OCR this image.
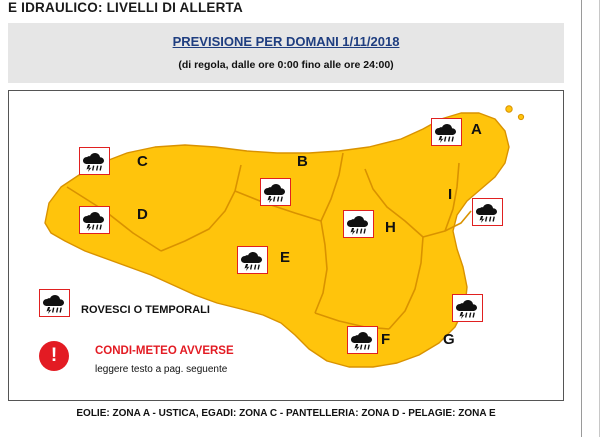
E IDRAULICO: LIVELLI DI ALLERTA
PREVISIONE PER DOMANI 1/11/2018
(di regola, dalle ore 0:00 fino alle ore 24:00)
A
B
C
D
E
F	G
H
I
ROVESCI O TEMPORALI
!	CONDI-METEO AVVERSE
leggere testo a pag. seguente
EOLIE: ZONA A - USTICA, EGADI: ZONA C - PANTELLERIA: ZONA D - PELAGIE: ZONA E
